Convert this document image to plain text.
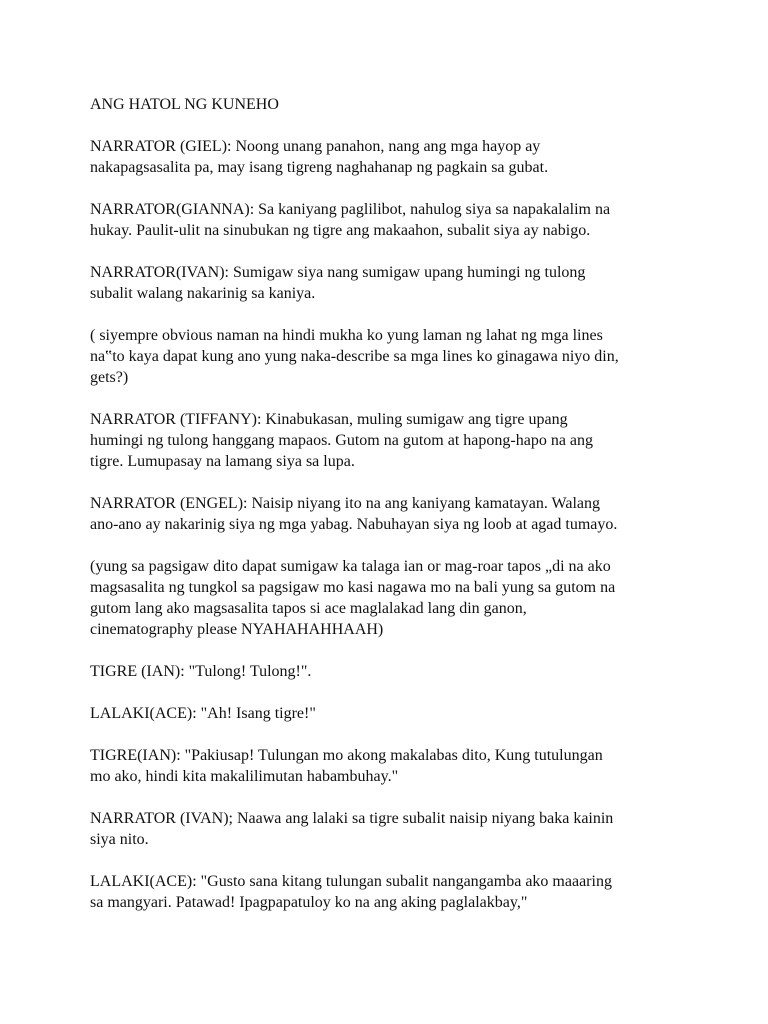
ANG HATOL NG KUNEHO
NARRATOR (GIEL): Noong unang panahon, nang ang mga hayop ay
nakapagsasalita pa, may isang tigreng naghahanap ng pagkain sa gubat.
NARRATOR(GIANNA): Sa kaniyang paglilibot, nahulog siya sa napakalalim na
hukay. Paulit-ulit na sinubukan ng tigre ang makaahon, subalit siya ay nabigo.
NARRATOR(IVAN): Sumigaw siya nang sumigaw upang humingi ng tulong
subalit walang nakarinig sa kaniya.
( siyempre obvious naman na hindi mukha ko yung laman ng lahat ng mga lines
na‟to kaya dapat kung ano yung naka-describe sa mga lines ko ginagawa niyo din,
gets?)
NARRATOR (TIFFANY): Kinabukasan, muling sumigaw ang tigre upang
humingi ng tulong hanggang mapaos. Gutom na gutom at hapong-hapo na ang
tigre. Lumupasay na lamang siya sa lupa.
NARRATOR (ENGEL): Naisip niyang ito na ang kaniyang kamatayan. Walang
ano-ano ay nakarinig siya ng mga yabag. Nabuhayan siya ng loob at agad tumayo.
(yung sa pagsigaw dito dapat sumigaw ka talaga ian or mag-roar tapos „di na ako
magsasalita ng tungkol sa pagsigaw mo kasi nagawa mo na bali yung sa gutom na
gutom lang ako magsasalita tapos si ace maglalakad lang din ganon,
cinematography please NYAHAHAHHAAH)
TIGRE (IAN): "Tulong! Tulong!".
LALAKI(ACE): "Ah! Isang tigre!"
TIGRE(IAN): "Pakiusap! Tulungan mo akong makalabas dito, Kung tutulungan
mo ako, hindi kita makalilimutan habambuhay."
NARRATOR (IVAN); Naawa ang lalaki sa tigre subalit naisip niyang baka kainin
siya nito.
LALAKI(ACE): "Gusto sana kitang tulungan subalit nangangamba ako maaaring
sa mangyari. Patawad! Ipagpapatuloy ko na ang aking paglalakbay,"
